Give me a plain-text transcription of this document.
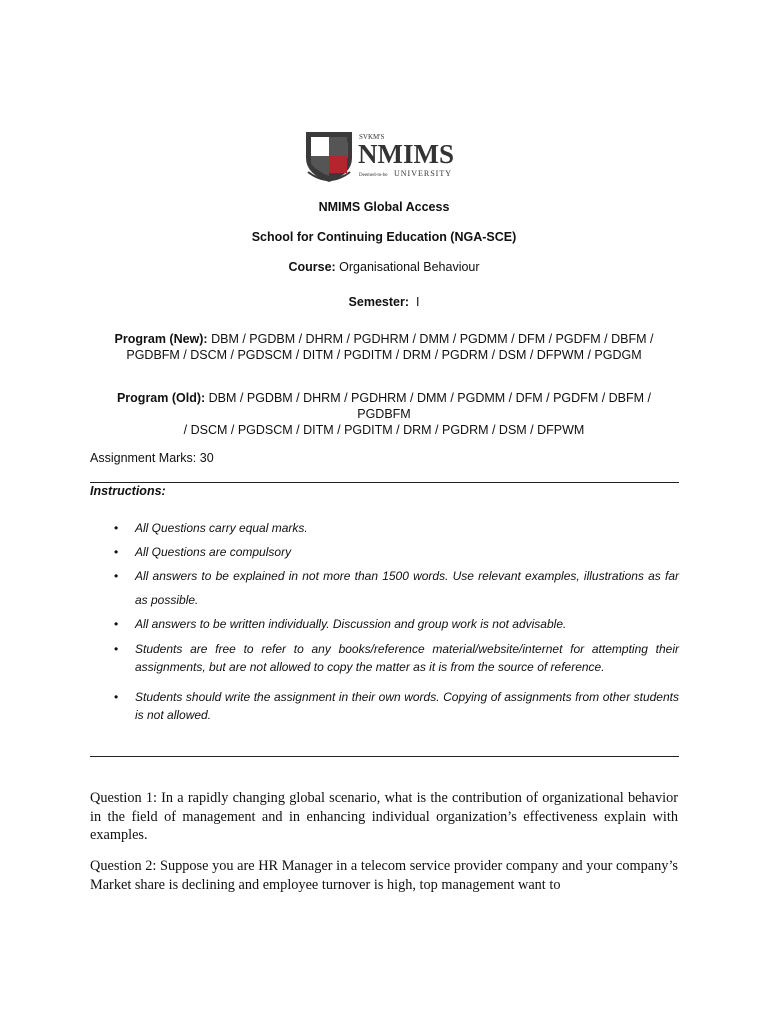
SVKM'S
NMIMS
Deemed-to-be UNIVERSITY
NMIMS Global Access
School for Continuing Education (NGA-SCE)
Course: Organisational Behaviour
Semester: I
Program (New): DBM / PGDBM / DHRM / PGDHRM / DMM / PGDMM / DFM / PGDFM / DBFM /
PGDBFM / DSCM / PGDSCM / DITM / PGDITM / DRM / PGDRM / DSM / DFPWM / PGDGM
Program (Old): DBM / PGDBM / DHRM / PGDHRM / DMM / PGDMM / DFM / PGDFM / DBFM / PGDBFM
/ DSCM / PGDSCM / DITM / PGDITM / DRM / PGDRM / DSM / DFPWM
Assignment Marks: 30
Instructions:
• All Questions carry equal marks.
• All Questions are compulsory
• All answers to be explained in not more than 1500 words. Use relevant examples, illustrations as far as possible.
• All answers to be written individually. Discussion and group work is not advisable.
• Students are free to refer to any books/reference material/website/internet for attempting their assignments, but are not allowed to copy the matter as it is from the source of reference.
• Students should write the assignment in their own words. Copying of assignments from other students is not allowed.
Question 1: In a rapidly changing global scenario, what is the contribution of organizational behavior in the field of management and in enhancing individual organization’s effectiveness explain with examples.
Question 2: Suppose you are HR Manager in a telecom service provider company and your company’s Market share is declining and employee turnover is high, top management want to
